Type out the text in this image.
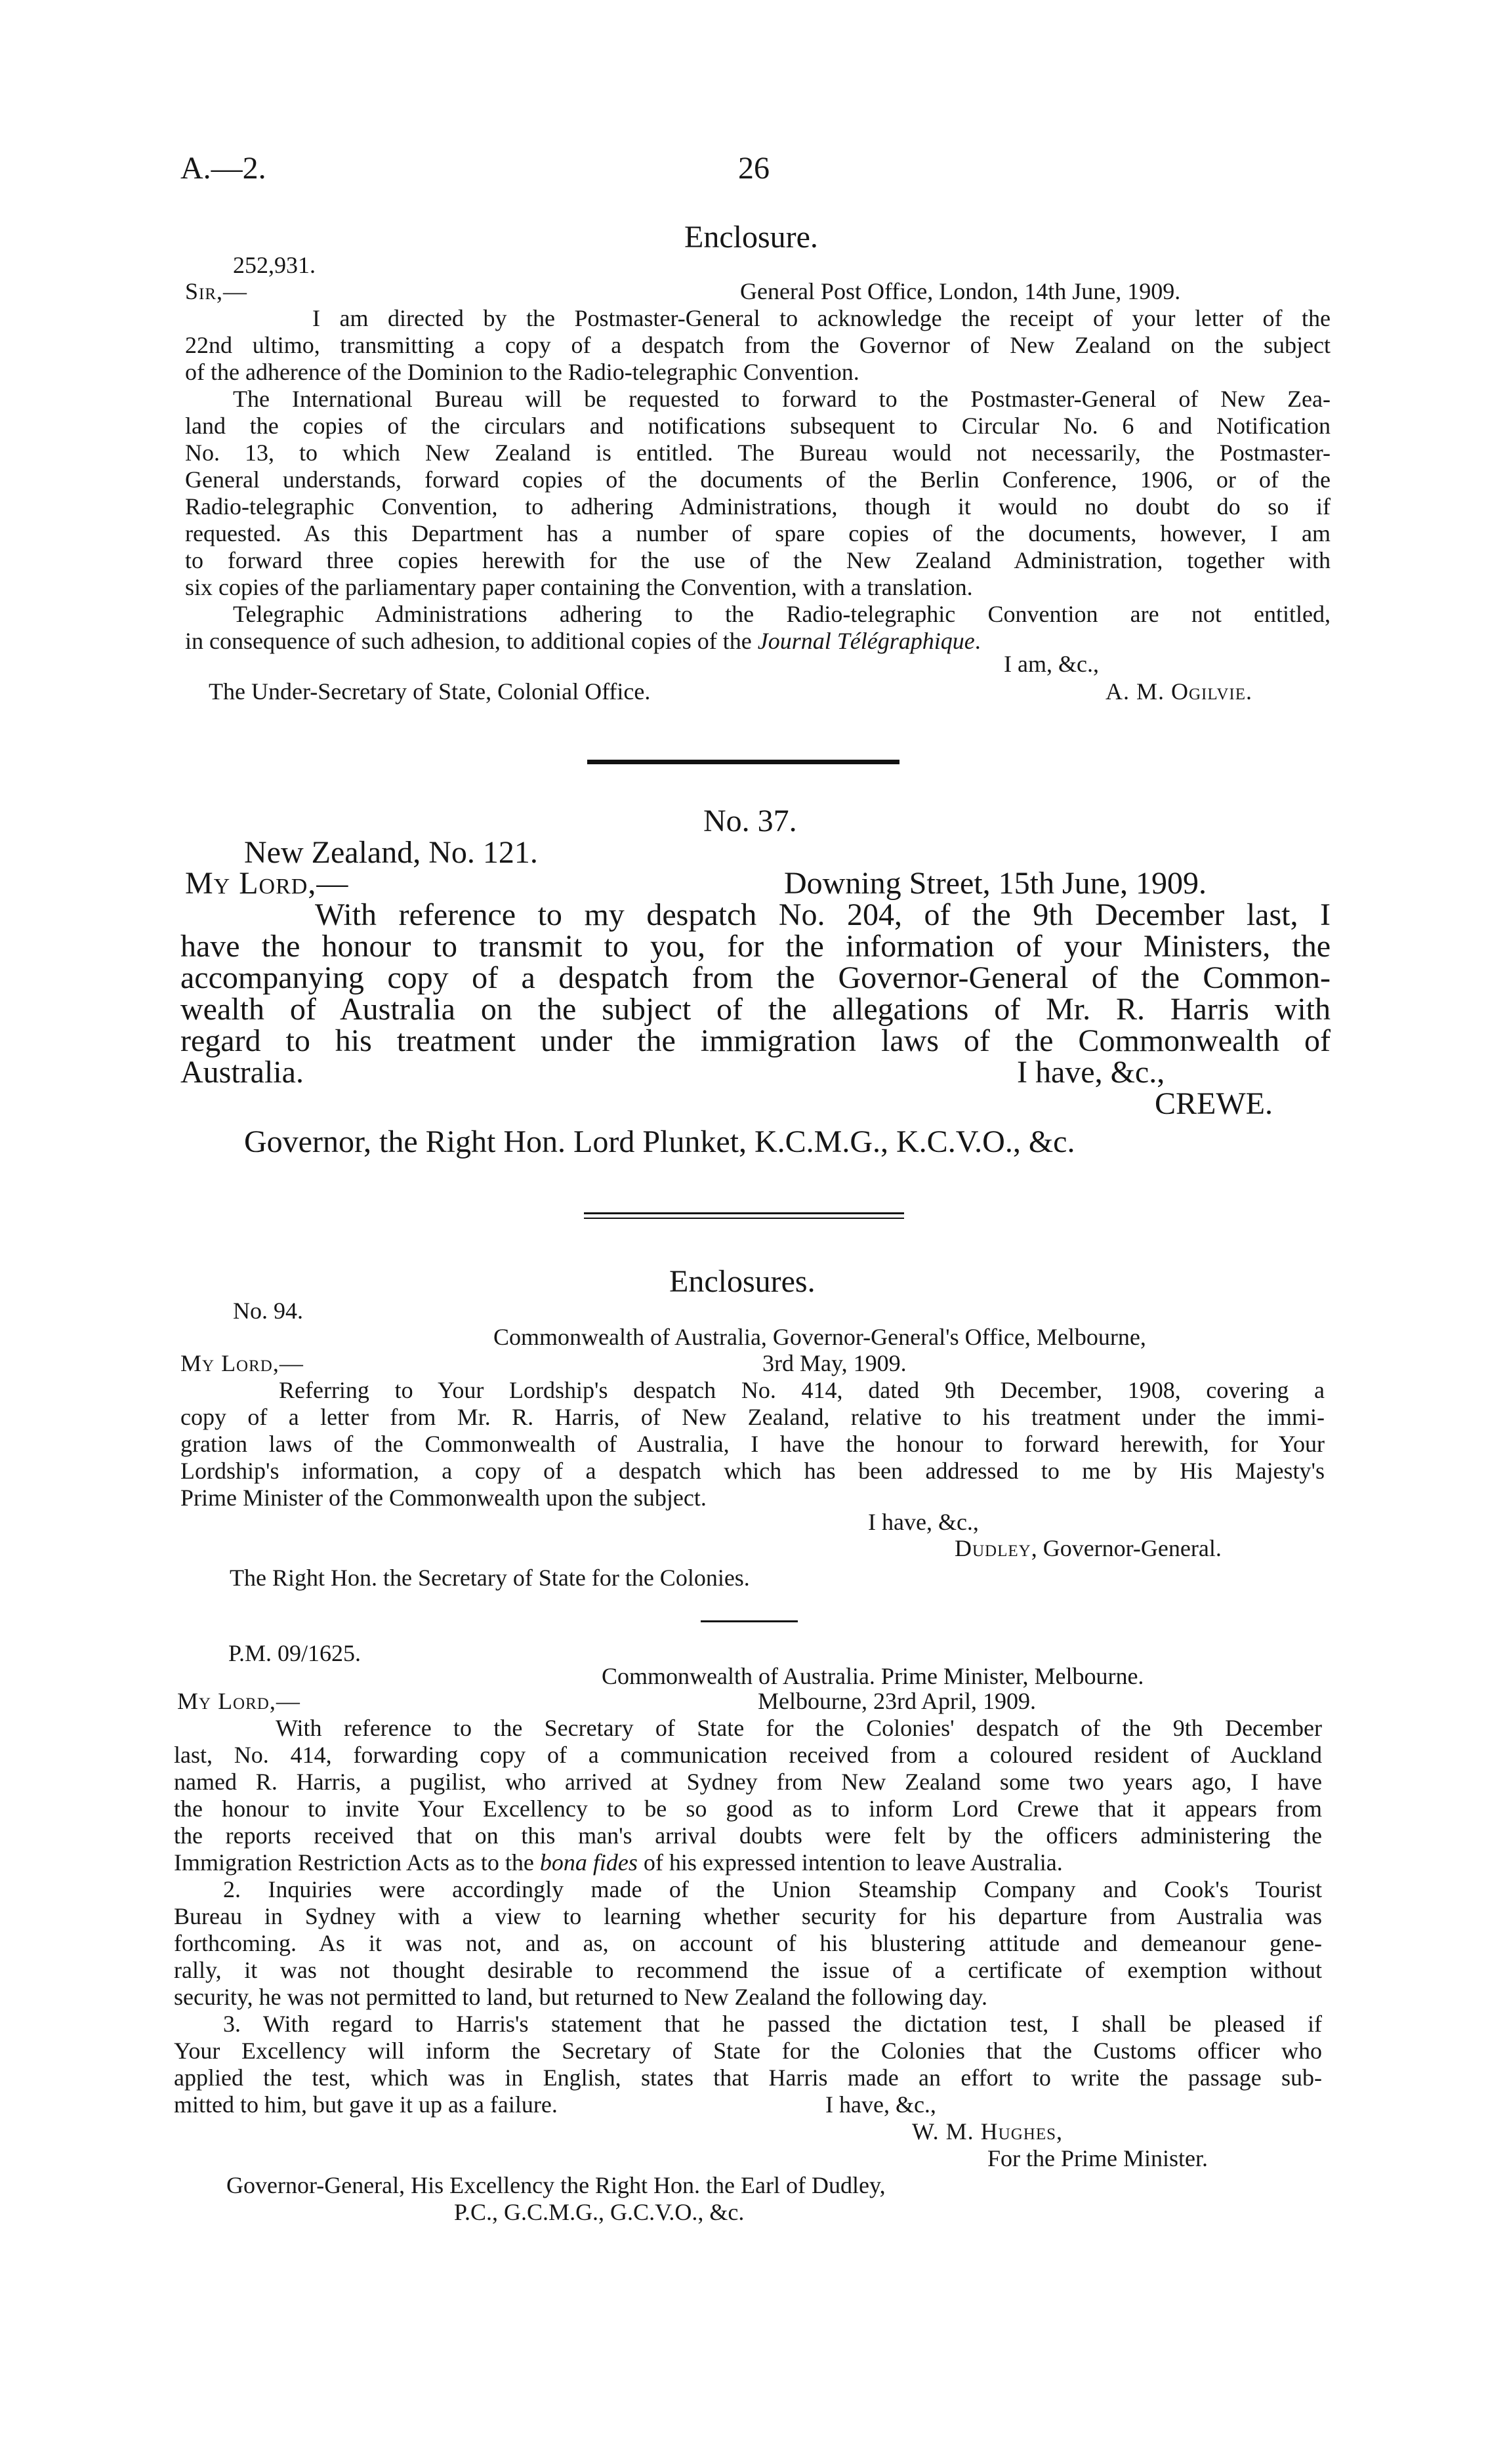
A.—2.	26
Enclosure.
252,931.
Sir,—	General Post Office, London, 14th June, 1909.
I am directed by the Postmaster-General to acknowledge the receipt of your letter of the
22nd ultimo, transmitting a copy of a despatch from the Governor of New Zealand on the subject
of the adherence of the Dominion to the Radio-telegraphic Convention.
The International Bureau will be requested to forward to the Postmaster-General of New Zea-
land the copies of the circulars and notifications subsequent to Circular No. 6 and Notification
No. 13, to which New Zealand is entitled. The Bureau would not necessarily, the Postmaster-
General understands, forward copies of the documents of the Berlin Conference, 1906, or of the
Radio-telegraphic Convention, to adhering Administrations, though it would no doubt do so if
requested. As this Department has a number of spare copies of the documents, however, I am
to forward three copies herewith for the use of the New Zealand Administration, together with
six copies of the parliamentary paper containing the Convention, with a translation.
Telegraphic Administrations adhering to the Radio-telegraphic Convention are not entitled,
in consequence of such adhesion, to additional copies of the Journal Télégraphique.
I am, &c.,
The Under-Secretary of State, Colonial Office.	A. M. Ogilvie.
No. 37.
New Zealand, No. 121.
My Lord,—	Downing Street, 15th June, 1909.
With reference to my despatch No. 204, of the 9th December last, I
have the honour to transmit to you, for the information of your Ministers, the
accompanying copy of a despatch from the Governor-General of the Common-
wealth of Australia on the subject of the allegations of Mr. R. Harris with
regard to his treatment under the immigration laws of the Commonwealth of
Australia.	I have, &c.,
CREWE.
Governor, the Right Hon. Lord Plunket, K.C.M.G., K.C.V.O., &c.
Enclosures.
No. 94.
Commonwealth of Australia, Governor-General's Office, Melbourne,
My Lord,—	3rd May, 1909.
Referring to Your Lordship's despatch No. 414, dated 9th December, 1908, covering a
copy of a letter from Mr. R. Harris, of New Zealand, relative to his treatment under the immi-
gration laws of the Commonwealth of Australia, I have the honour to forward herewith, for Your
Lordship's information, a copy of a despatch which has been addressed to me by His Majesty's
Prime Minister of the Commonwealth upon the subject.
I have, &c.,
Dudley, Governor-General.
The Right Hon. the Secretary of State for the Colonies.
P.M. 09/1625.
Commonwealth of Australia. Prime Minister, Melbourne.
My Lord,—	Melbourne, 23rd April, 1909.
With reference to the Secretary of State for the Colonies' despatch of the 9th December
last, No. 414, forwarding copy of a communication received from a coloured resident of Auckland
named R. Harris, a pugilist, who arrived at Sydney from New Zealand some two years ago, I have
the honour to invite Your Excellency to be so good as to inform Lord Crewe that it appears from
the reports received that on this man's arrival doubts were felt by the officers administering the
Immigration Restriction Acts as to the bona fides of his expressed intention to leave Australia.
2. Inquiries were accordingly made of the Union Steamship Company and Cook's Tourist
Bureau in Sydney with a view to learning whether security for his departure from Australia was
forthcoming. As it was not, and as, on account of his blustering attitude and demeanour gene-
rally, it was not thought desirable to recommend the issue of a certificate of exemption without
security, he was not permitted to land, but returned to New Zealand the following day.
3. With regard to Harris's statement that he passed the dictation test, I shall be pleased if
Your Excellency will inform the Secretary of State for the Colonies that the Customs officer who
applied the test, which was in English, states that Harris made an effort to write the passage sub-
mitted to him, but gave it up as a failure.	I have, &c.,
W. M. Hughes,
For the Prime Minister.
Governor-General, His Excellency the Right Hon. the Earl of Dudley,
P.C., G.C.M.G., G.C.V.O., &c.
